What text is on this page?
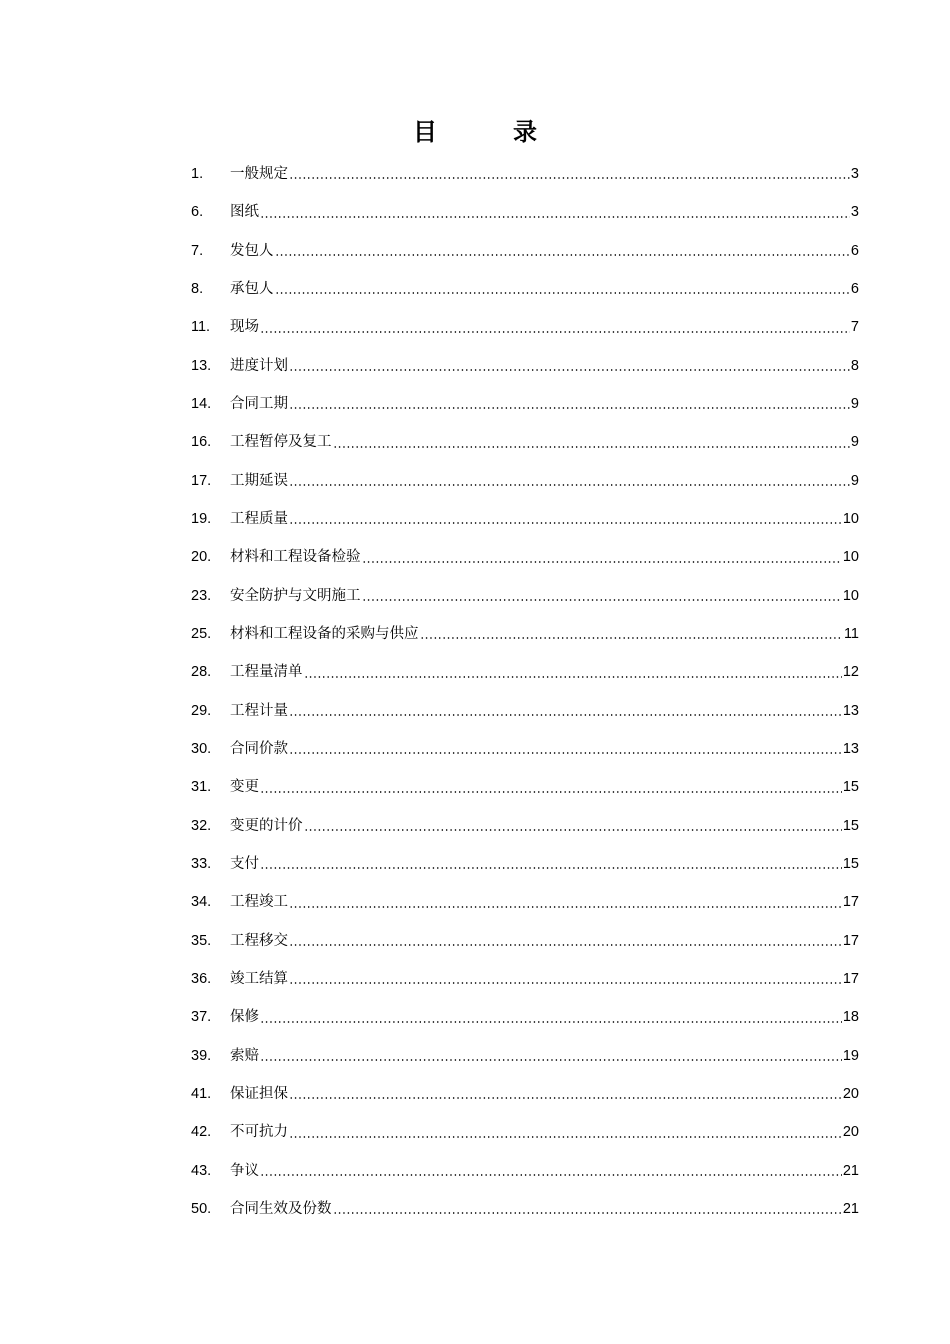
目　录
1.	一般规定	3
6.	图纸	3
7.	发包人	6
8.	承包人	6
11.	现场	7
13.	进度计划	8
14.	合同工期	9
16.	工程暂停及复工	9
17.	工期延误	9
19.	工程质量	10
20.	材料和工程设备检验	10
23.	安全防护与文明施工	10
25.	材料和工程设备的采购与供应	11
28.	工程量清单	12
29.	工程计量	13
30.	合同价款	13
31.	变更	15
32.	变更的计价	15
33.	支付	15
34.	工程竣工	17
35.	工程移交	17
36.	竣工结算	17
37.	保修	18
39.	索赔	19
41.	保证担保	20
42.	不可抗力	20
43.	争议	21
50.	合同生效及份数	21
